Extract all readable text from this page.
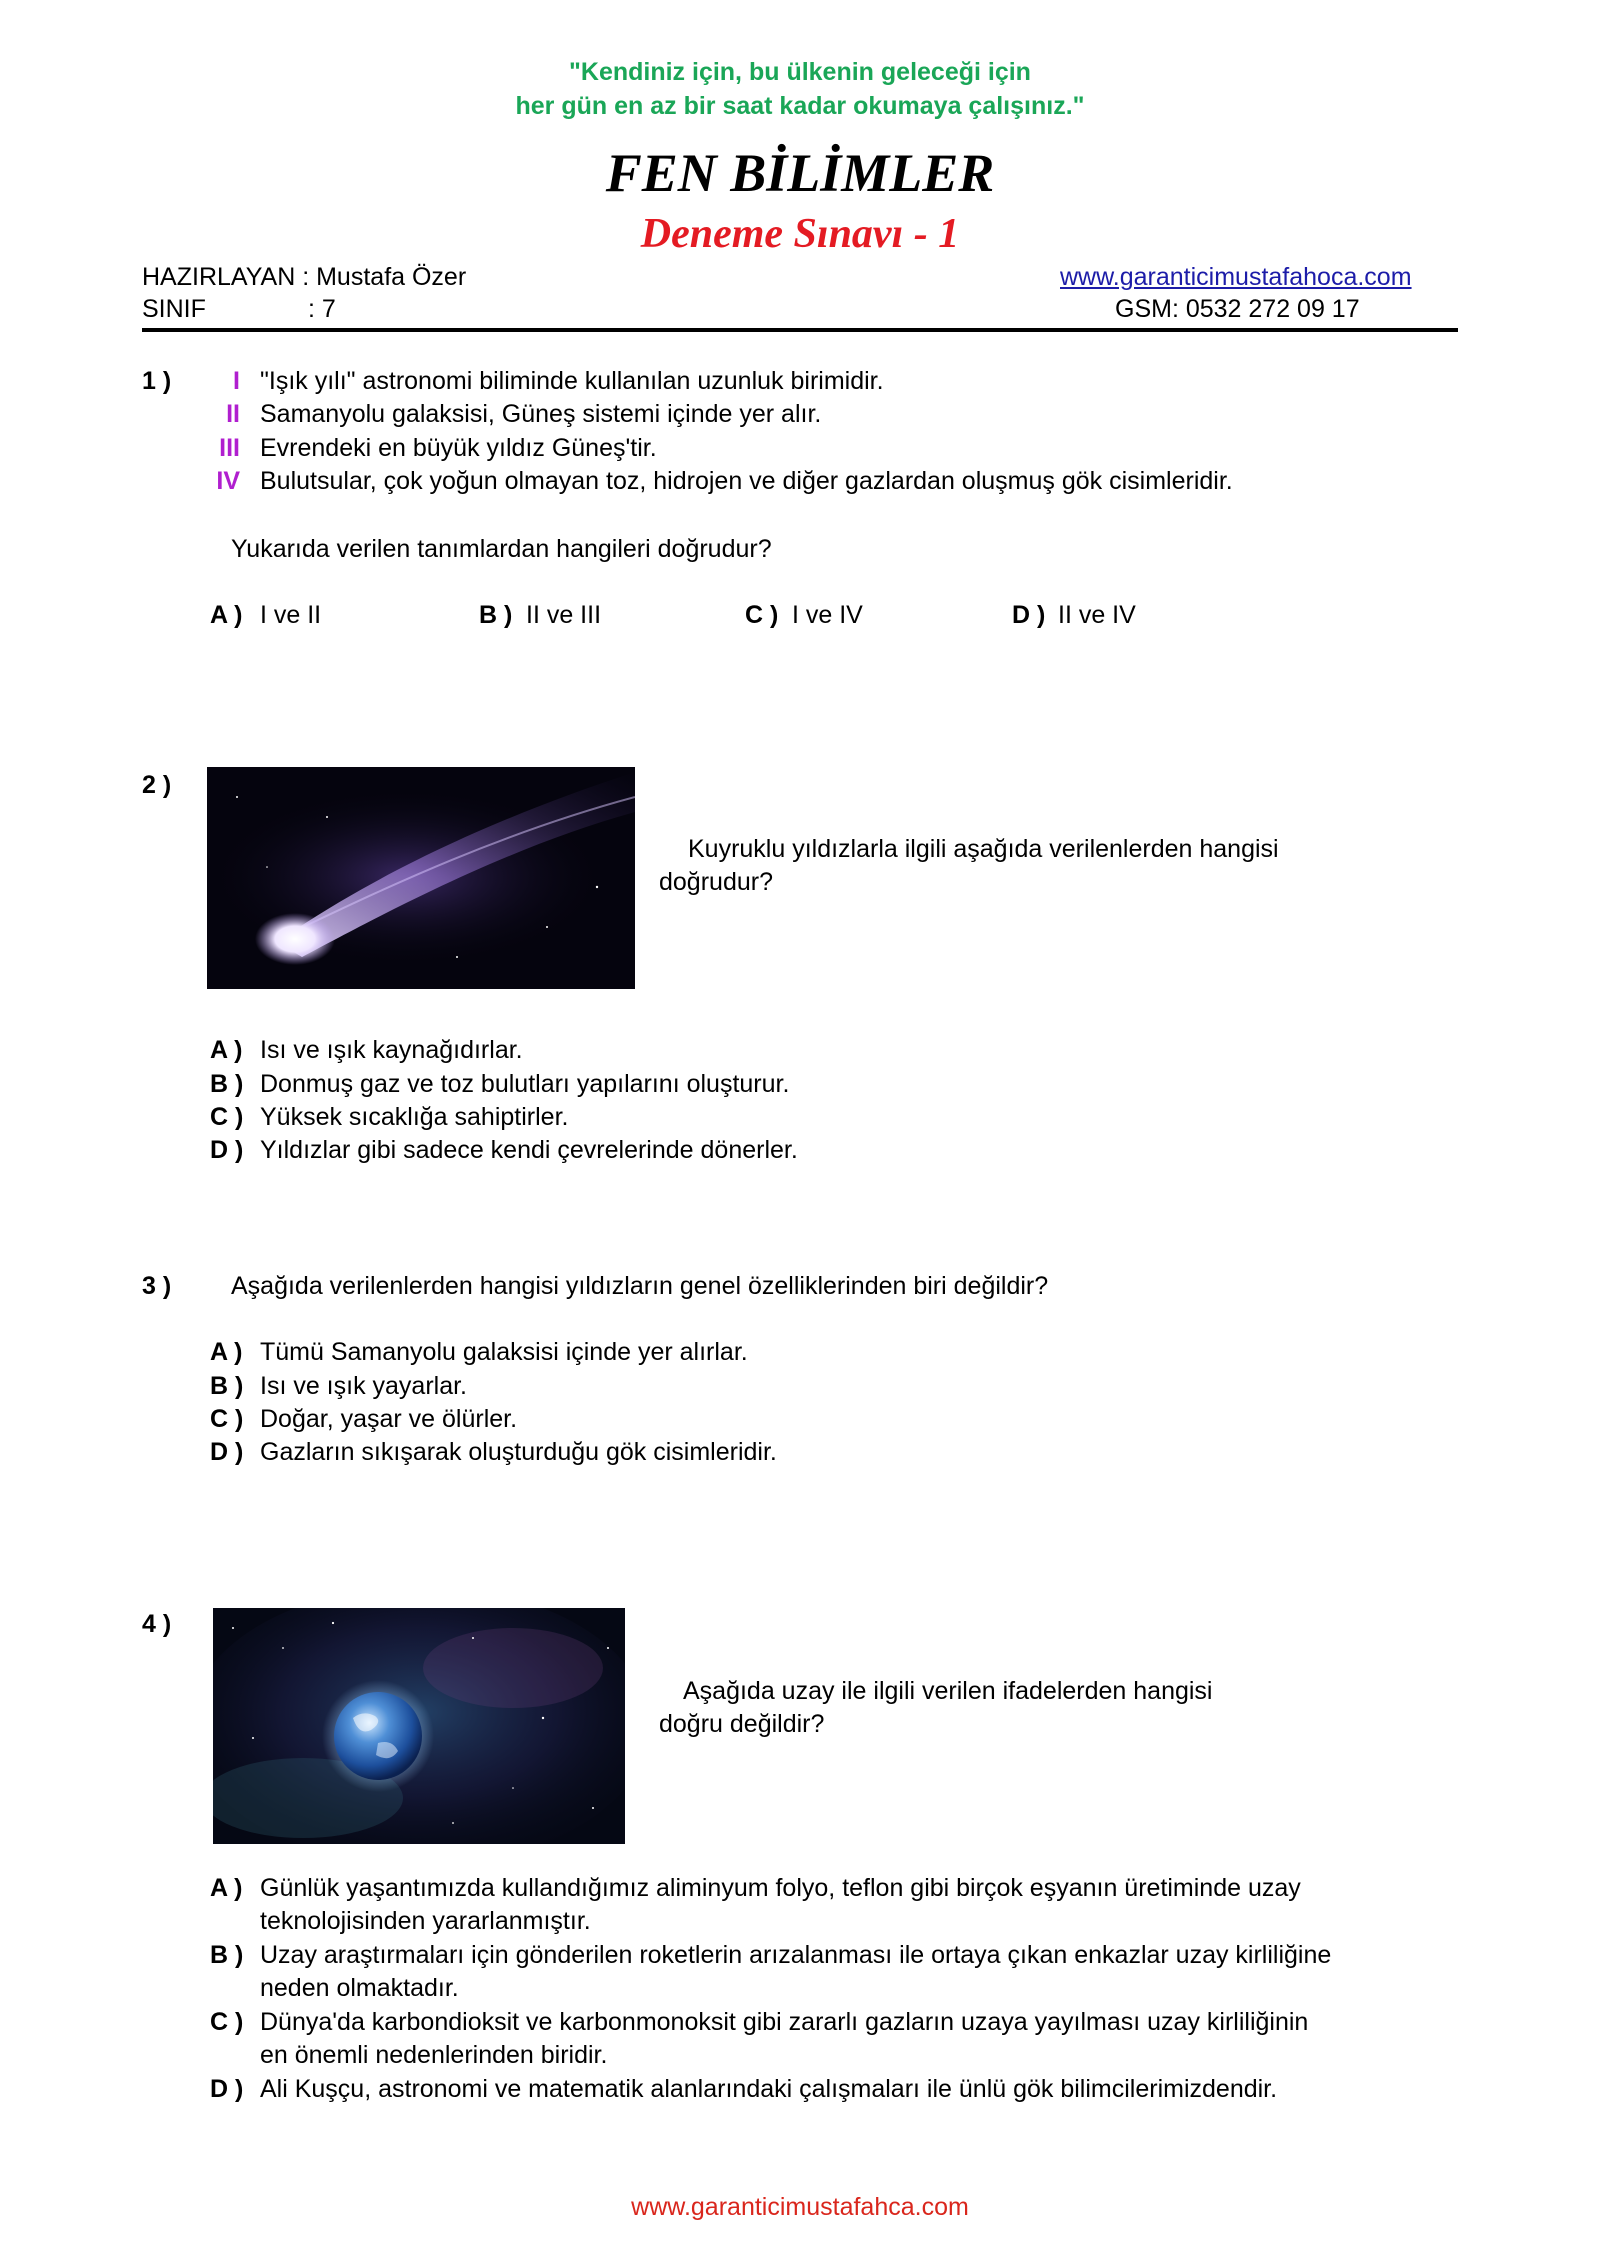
"Kendiniz için, bu ülkenin geleceği için
her gün en az bir saat kadar okumaya çalışınız."
FEN BİLİMLER
Deneme Sınavı - 1
HAZIRLAYAN : Mustafa Özer
SINIF	: 7
www.garanticimustafahoca.com
GSM: 0532 272 09 17
1 )	I "Işık yılı" astronomi biliminde kullanılan uzunluk birimidir.
II Samanyolu galaksisi, Güneş sistemi içinde yer alır.
III Evrendeki en büyük yıldız Güneş'tir.
IV Bulutsular, çok yoğun olmayan toz, hidrojen ve diğer gazlardan oluşmuş gök cisimleridir.
Yukarıda verilen tanımlardan hangileri doğrudur?
A ) I ve II	B ) II ve III	C ) I ve IV	D ) II ve IV
2 )
Kuyruklu yıldızlarla ilgili aşağıda verilenlerden hangisi
doğrudur?
A ) Isı ve ışık kaynağıdırlar.
B ) Donmuş gaz ve toz bulutları yapılarını oluşturur.
C ) Yüksek sıcaklığa sahiptirler.
D ) Yıldızlar gibi sadece kendi çevrelerinde dönerler.
3 ) Aşağıda verilenlerden hangisi yıldızların genel özelliklerinden biri değildir?
A ) Tümü Samanyolu galaksisi içinde yer alırlar.
B ) Isı ve ışık yayarlar.
C ) Doğar, yaşar ve ölürler.
D ) Gazların sıkışarak oluşturduğu gök cisimleridir.
4 )
Aşağıda uzay ile ilgili verilen ifadelerden hangisi
doğru değildir?
A ) Günlük yaşantımızda kullandığımız aliminyum folyo, teflon gibi birçok eşyanın üretiminde uzay
teknolojisinden yararlanmıştır.
B ) Uzay araştırmaları için gönderilen roketlerin arızalanması ile ortaya çıkan enkazlar uzay kirliliğine
neden olmaktadır.
C ) Dünya'da karbondioksit ve karbonmonoksit gibi zararlı gazların uzaya yayılması uzay kirliliğinin
en önemli nedenlerinden biridir.
D ) Ali Kuşçu, astronomi ve matematik alanlarındaki çalışmaları ile ünlü gök bilimcilerimizdendir.
www.garanticimustafahca.com
